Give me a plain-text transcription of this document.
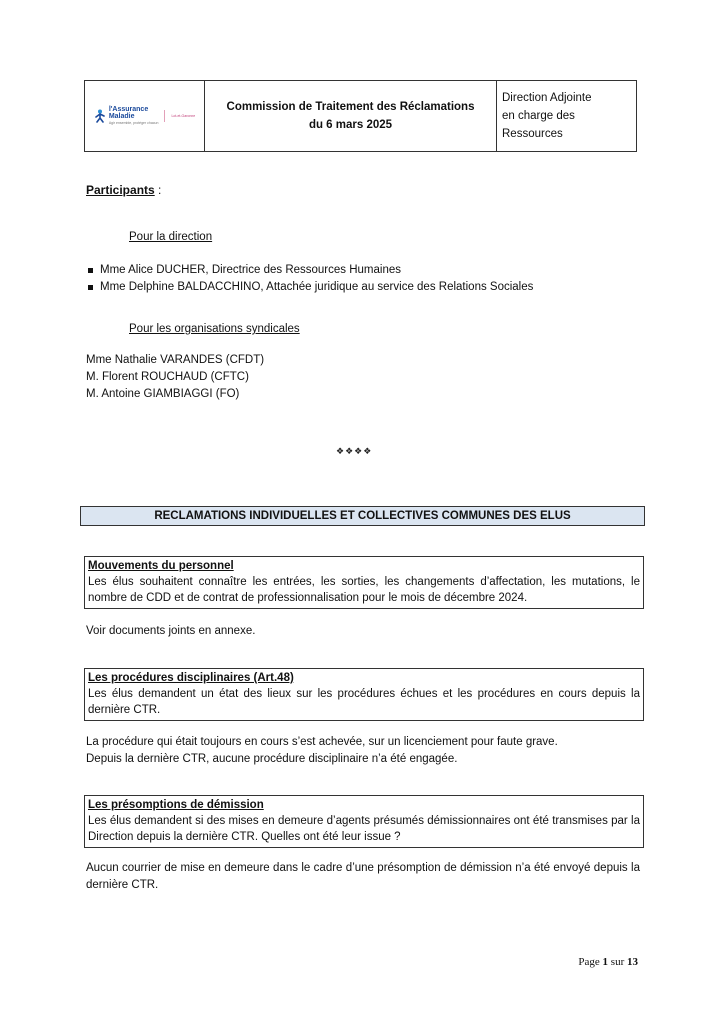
l'Assurance
Maladie
Agir ensemble, protéger chacun
Lot-et-Garonne
Commission de Traitement des Réclamations
du 6 mars 2025
Direction Adjointe
en charge des Ressources
Participants :
Pour la direction
Mme Alice DUCHER, Directrice des Ressources Humaines
Mme Delphine BALDACCHINO, Attachée juridique au service des Relations Sociales
Pour les organisations syndicales
Mme Nathalie VARANDES (CFDT)
M. Florent ROUCHAUD (CFTC)
M. Antoine GIAMBIAGGI (FO)
❖❖❖❖
RECLAMATIONS INDIVIDUELLES ET COLLECTIVES COMMUNES DES ELUS
Mouvements du personnel
Les élus souhaitent connaître les entrées, les sorties, les changements d’affectation, les mutations, le nombre de CDD et de contrat de professionnalisation pour le mois de décembre 2024.
Voir documents joints en annexe.
Les procédures disciplinaires (Art.48)
Les élus demandent un état des lieux sur les procédures échues et les procédures en cours depuis la dernière CTR.
La procédure qui était toujours en cours s’est achevée, sur un licenciement pour faute grave.
Depuis la dernière CTR, aucune procédure disciplinaire n’a été engagée.
Les présomptions de démission
Les élus demandent si des mises en demeure d’agents présumés démissionnaires ont été transmises par la Direction depuis la dernière CTR. Quelles ont été leur issue ?
Aucun courrier de mise en demeure dans le cadre d’une présomption de démission n’a été envoyé depuis la dernière CTR.
Page 1 sur 13
